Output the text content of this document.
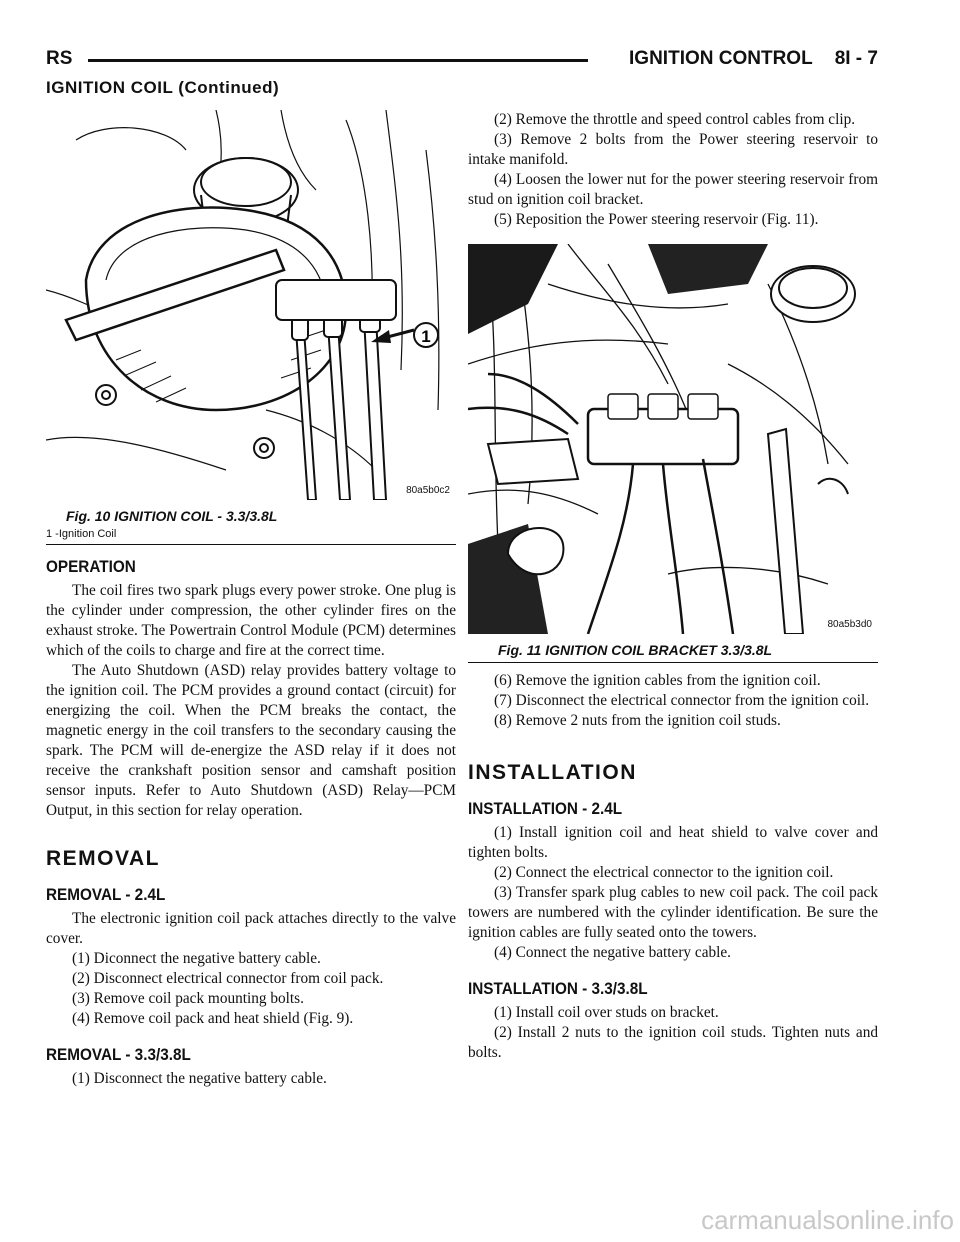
RS	IGNITION CONTROL 8I - 7
IGNITION COIL (Continued)
1
80a5b0c2
Fig. 10 IGNITION COIL - 3.3/3.8L
1 -Ignition Coil
OPERATION

The coil fires two spark plugs every power stroke. One plug is the cylinder under compression, the other cylinder fires on the exhaust stroke. The Powertrain Control Module (PCM) determines which of the coils to charge and fire at the correct time.

The Auto Shutdown (ASD) relay provides battery voltage to the ignition coil. The PCM provides a ground contact (circuit) for energizing the coil. When the PCM breaks the contact, the magnetic energy in the coil transfers to the secondary causing the spark. The PCM will de-energize the ASD relay if it does not receive the crankshaft position sensor and camshaft position sensor inputs. Refer to Auto Shutdown (ASD) Relay—PCM Output, in this section for relay operation.

REMOVAL
REMOVAL - 2.4L

The electronic ignition coil pack attaches directly to the valve cover.

(1) Diconnect the negative battery cable.

(2) Disconnect electrical connector from coil pack.

(3) Remove coil pack mounting bolts.

(4) Remove coil pack and heat shield (Fig. 9).

REMOVAL - 3.3/3.8L

(1) Disconnect the negative battery cable.

(2) Remove the throttle and speed control cables from clip.

(3) Remove 2 bolts from the Power steering reservoir to intake manifold.

(4) Loosen the lower nut for the power steering reservoir from stud on ignition coil bracket.

(5) Reposition the Power steering reservoir (Fig. 11).

80a5b3d0
Fig. 11 IGNITION COIL BRACKET 3.3/3.8L

(6) Remove the ignition cables from the ignition coil.

(7) Disconnect the electrical connector from the ignition coil.

(8) Remove 2 nuts from the ignition coil studs.

INSTALLATION
INSTALLATION - 2.4L

(1) Install ignition coil and heat shield to valve cover and tighten bolts.

(2) Connect the electrical connector to the ignition coil.

(3) Transfer spark plug cables to new coil pack. The coil pack towers are numbered with the cylinder identification. Be sure the ignition cables are fully seated onto the towers.

(4) Connect the negative battery cable.

INSTALLATION - 3.3/3.8L

(1) Install coil over studs on bracket.

(2) Install 2 nuts to the ignition coil studs. Tighten nuts and bolts.

carmanualsonline.info
